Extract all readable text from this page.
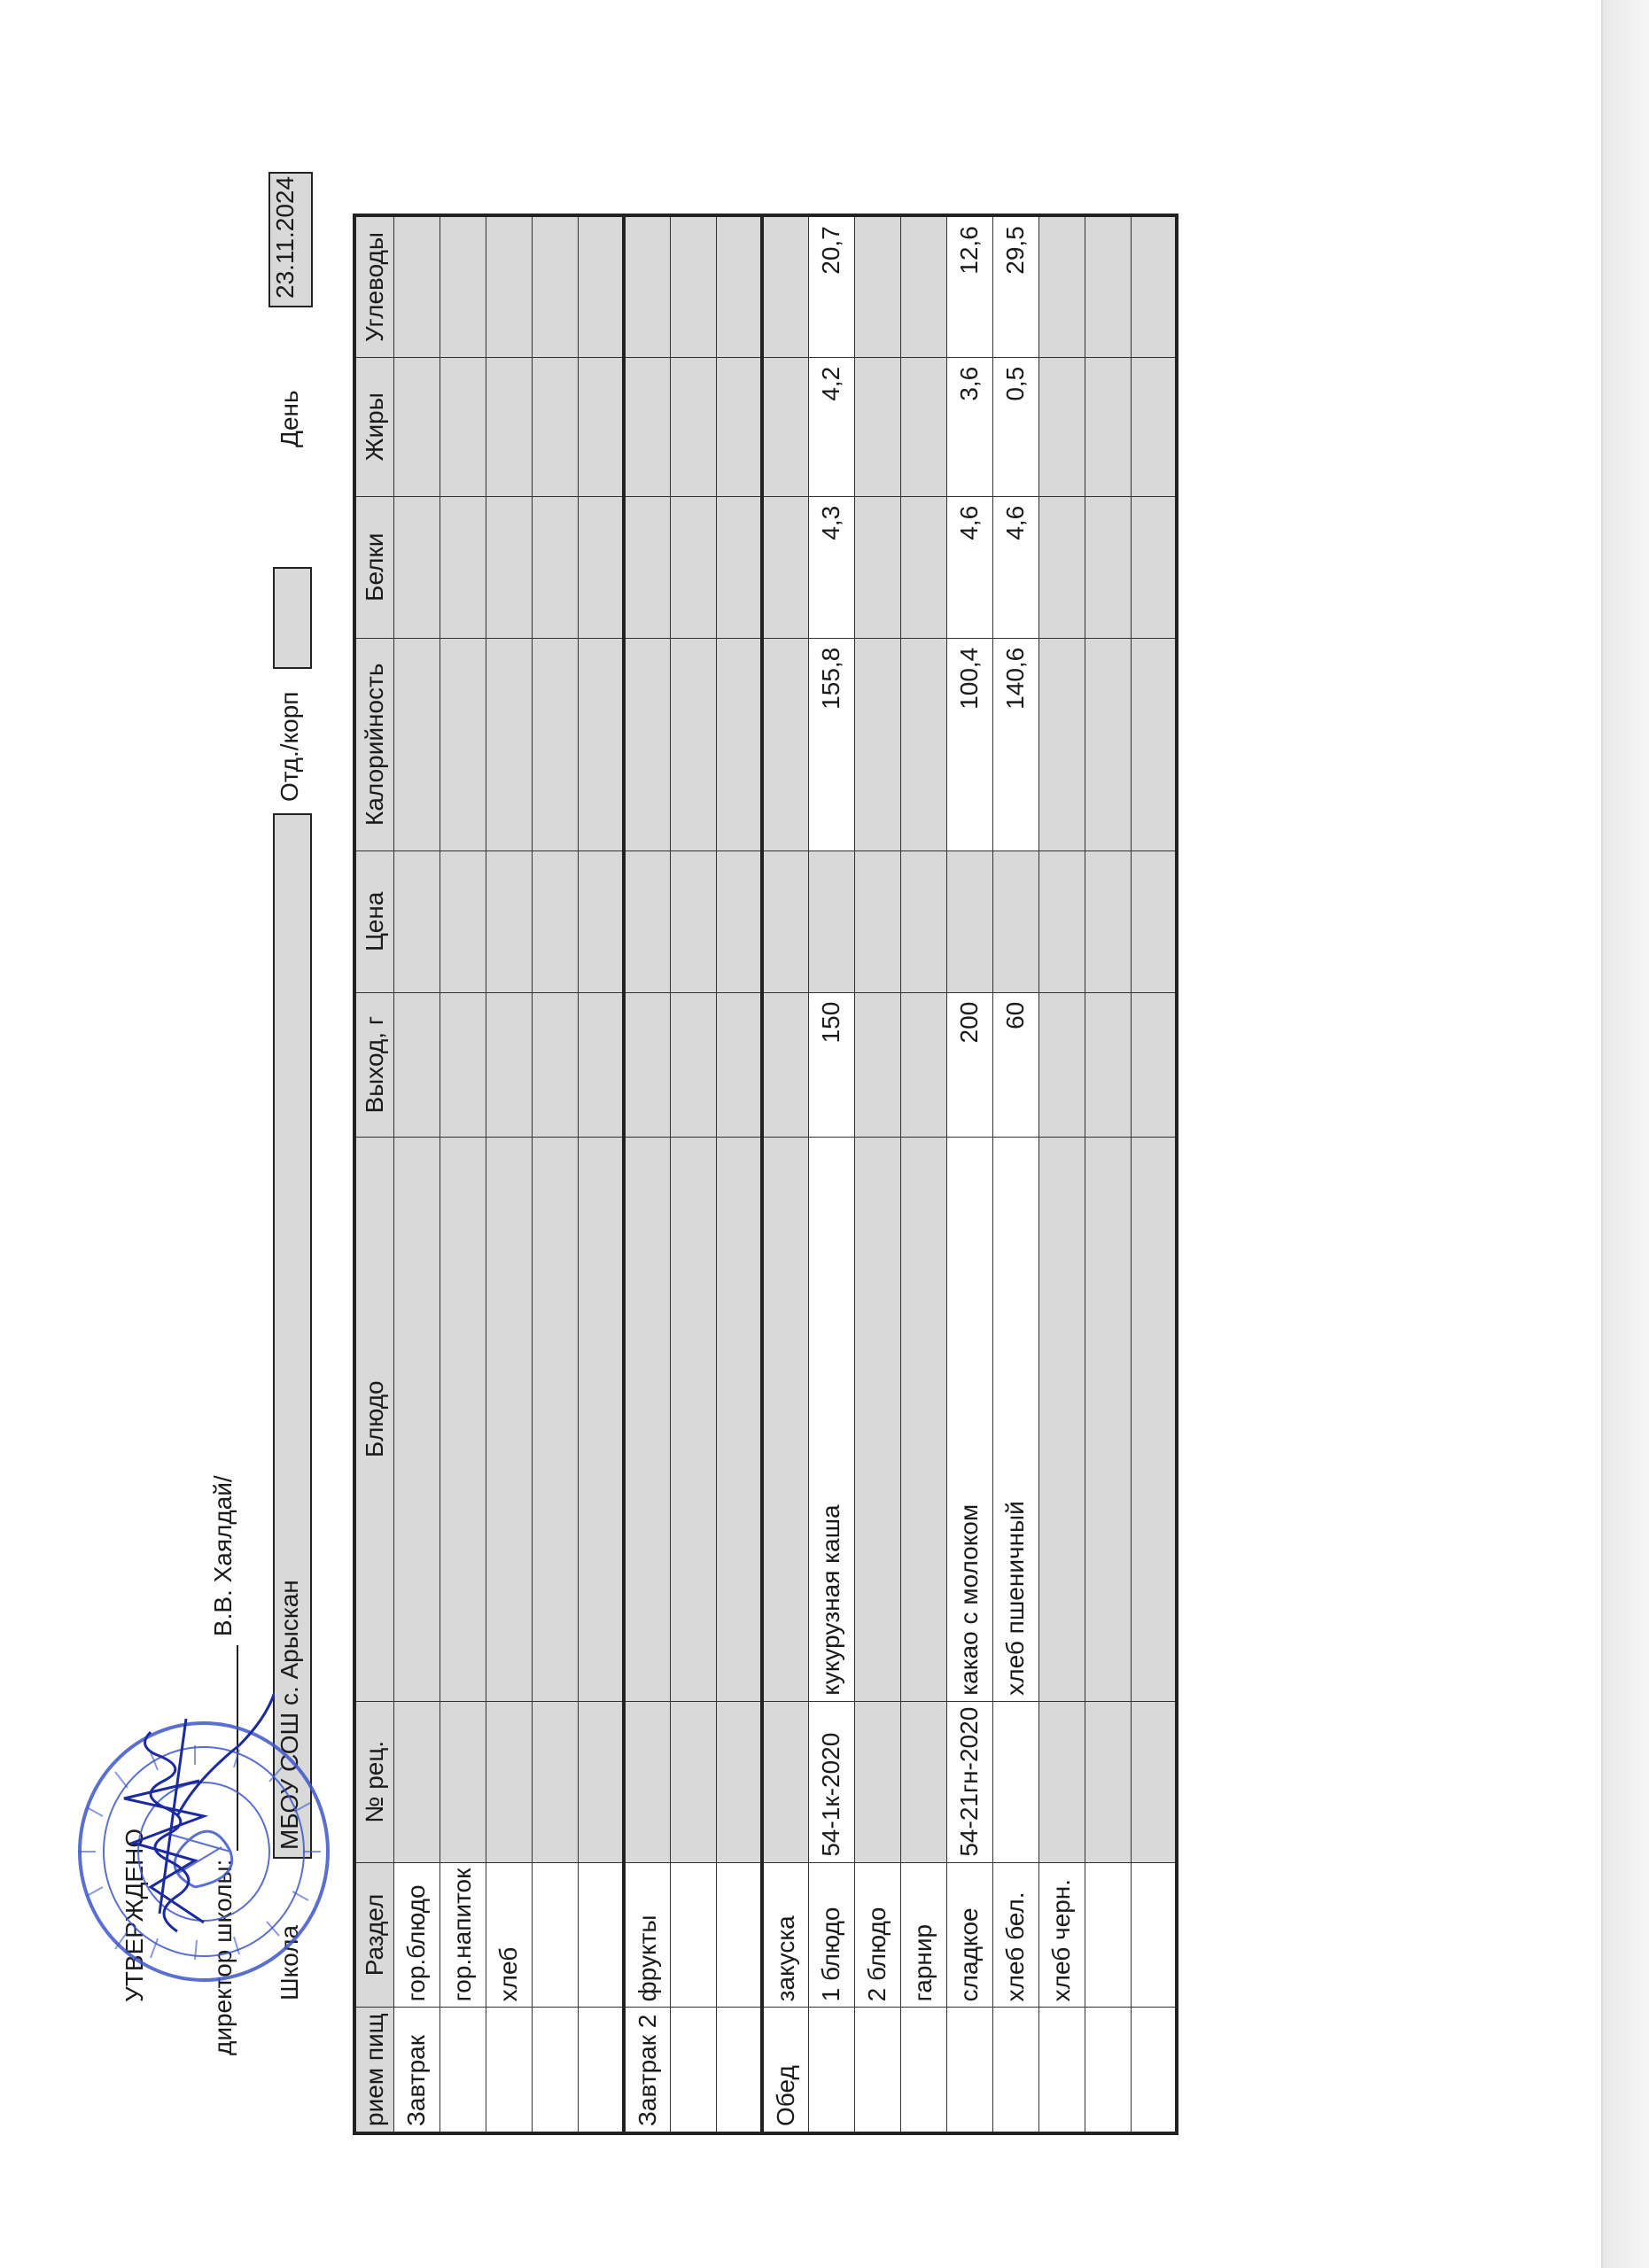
УТВЕРЖДЕНО директор школы:  В.В. Хаялдай/
Школа
МБОУ СОШ с. Арыскан
Отд./корп
День
23.11.2024
рием пищ	Раздел	№ рец.	Блюдо	Выход, г	Цена	Калорийность	Белки	Жиры	Углеводы
Завтрак	гор.блюдо								
	гор.напиток								
	хлеб								

Завтрак 2	фрукты								

Обед	закуска								
	1 блюдо	54-1к-2020	кукурузная каша	150		155,8	4,3	4,2	20,7
	2 блюдо								
	гарнир								
	сладкое	54-21гн-2020	какао с молоком	200		100,4	4,6	3,6	12,6
	хлеб бел.		хлеб пшеничный	60		140,6	4,6	0,5	29,5
	хлеб черн.								
